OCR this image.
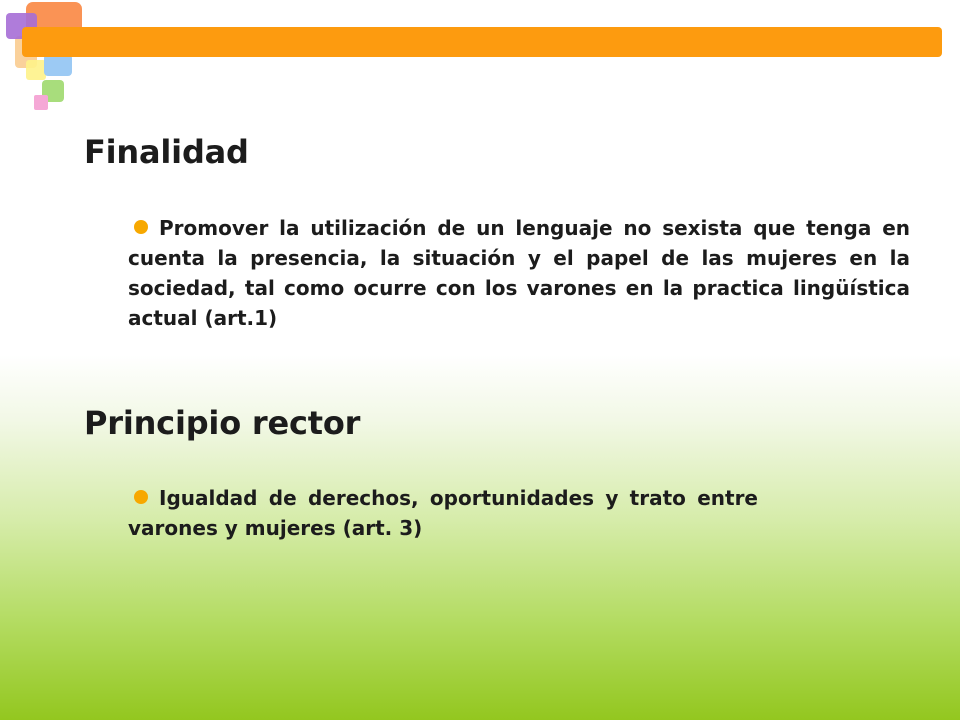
Finalidad

Promover la utilización de un lenguaje no sexista que tenga en cuenta la presencia, la situación y el papel de las mujeres en la sociedad, tal como ocurre con los varones en la practica lingüística actual (art.1)

Principio rector

Igualdad de derechos, oportunidades y trato entre varones y mujeres (art. 3)
